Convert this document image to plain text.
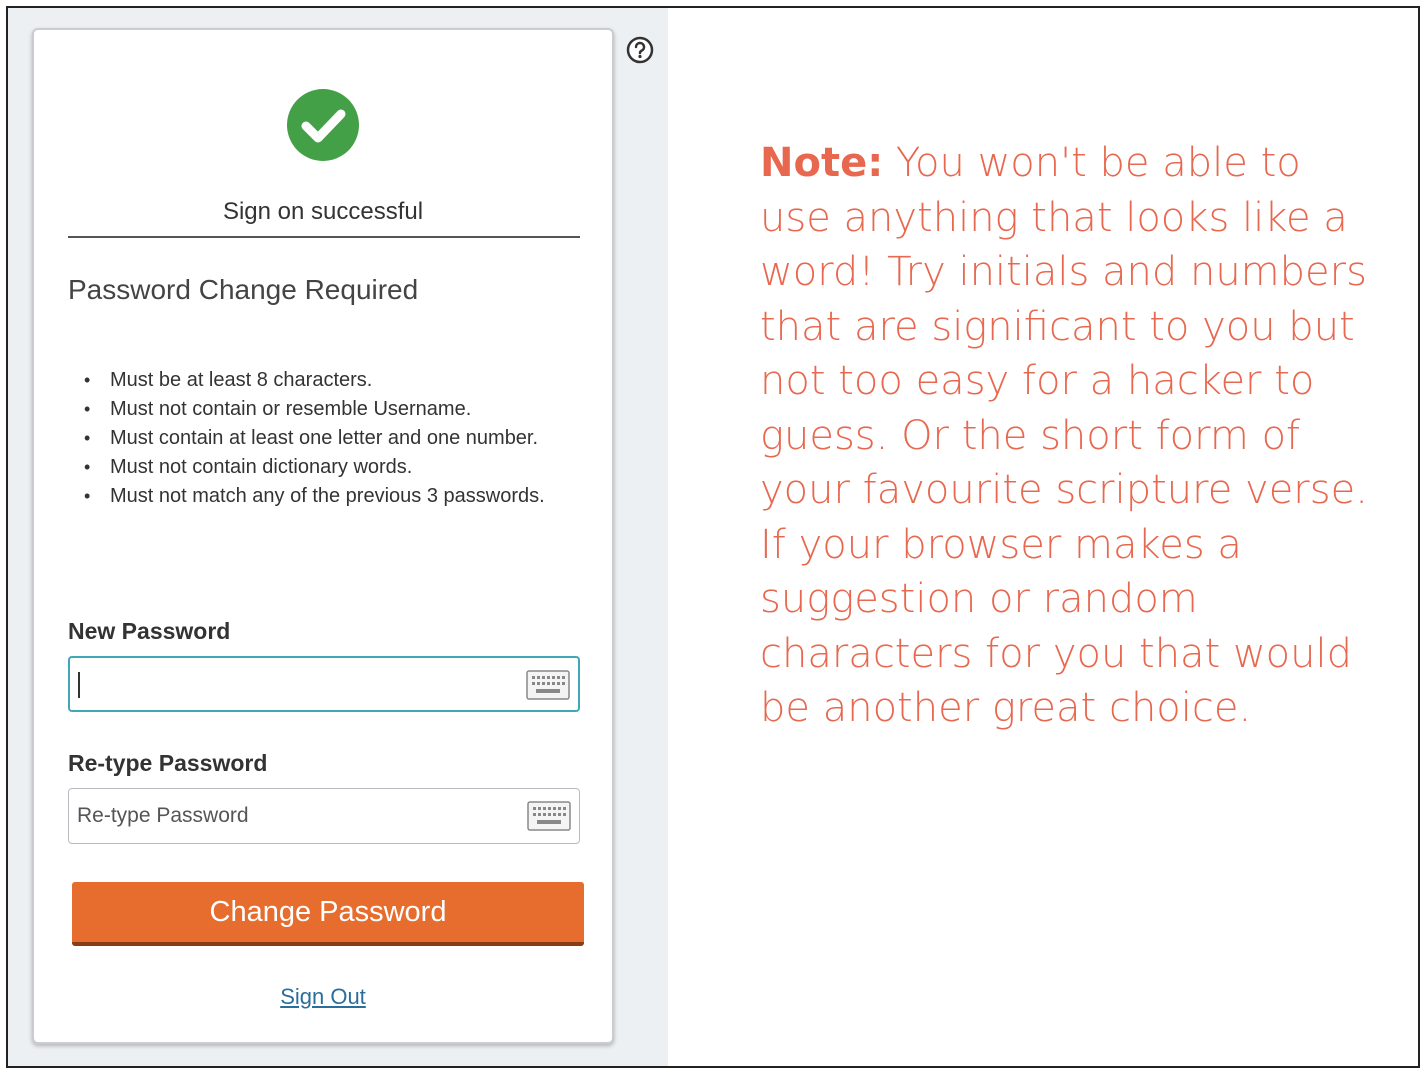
Sign on successful
Password Change Required
• Must be at least 8 characters.
• Must not contain or resemble Username.
• Must contain at least one letter and one number.
• Must not contain dictionary words.
• Must not match any of the previous 3 passwords.
New Password
Re-type Password
Change Password
Sign Out

Note: You won't be able to use anything that looks like a word! Try initials and numbers that are significant to you but not too easy for a hacker to guess. Or the short form of your favourite scripture verse. If your browser makes a suggestion or random characters for you that would be another great choice.
